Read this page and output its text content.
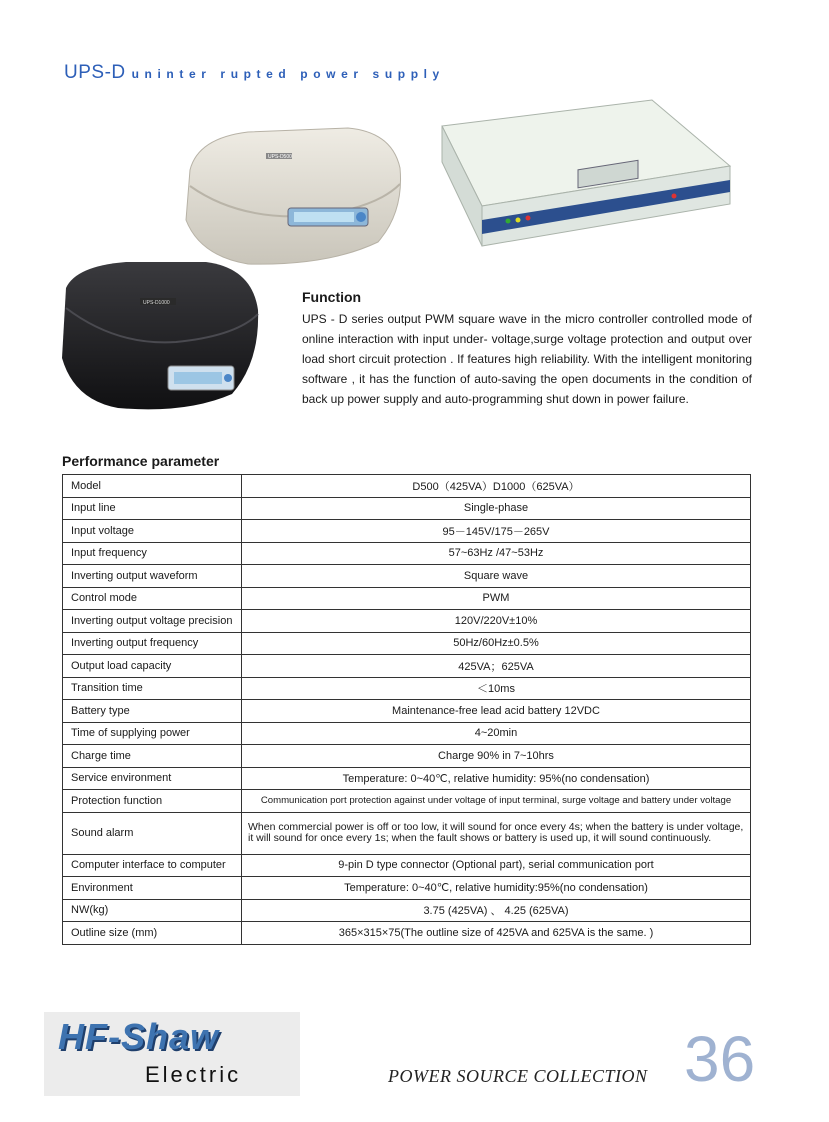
UPS-D uninter rupted power supply
UPS-D500
UPS-D1000	Function

UPS - D series output PWM square wave in the micro controller controlled mode of online interaction with input under- voltage,surge voltage protection and output over load short circuit protection . If features high reliability. With the intelligent monitoring software , it has the function of auto-saving the open documents in the condition of back up power supply and auto-programming shut down in power failure.

Performance parameter
Model	D500（425VA）D1000（625VA）
Input line	Single-phase
Input voltage	95－145V/175－265V
Input frequency	57~63Hz /47~53Hz
Inverting output waveform	Square wave
Control mode	PWM
Inverting output voltage precision	120V/220V±10%
Inverting output frequency	50Hz/60Hz±0.5%
Output load capacity	425VA；625VA
Transition time	＜10ms
Battery type	Maintenance-free lead acid battery 12VDC
Time of supplying power	4~20min
Charge time	Charge 90% in 7~10hrs
Service environment	Temperature: 0~40℃, relative humidity: 95%(no condensation)
Protection function	Communication port protection against under voltage of input terminal, surge voltage and battery under voltage
Sound alarm	When commercial power is off or too low, it will sound for once every 4s; when the battery is under voltage, it will sound for once every 1s; when the fault shows or battery is used up, it will sound continuously.
Computer interface to computer	9-pin D type connector (Optional part), serial communication port
Environment	Temperature: 0~40℃, relative humidity:95%(no condensation)
NW(kg)	3.75 (425VA) 、 4.25 (625VA)
Outline size (mm)	365×315×75(The outline size of 425VA and 625VA is the same. )
HF-Shaw
Electric	POWER SOURCE COLLECTION 36
